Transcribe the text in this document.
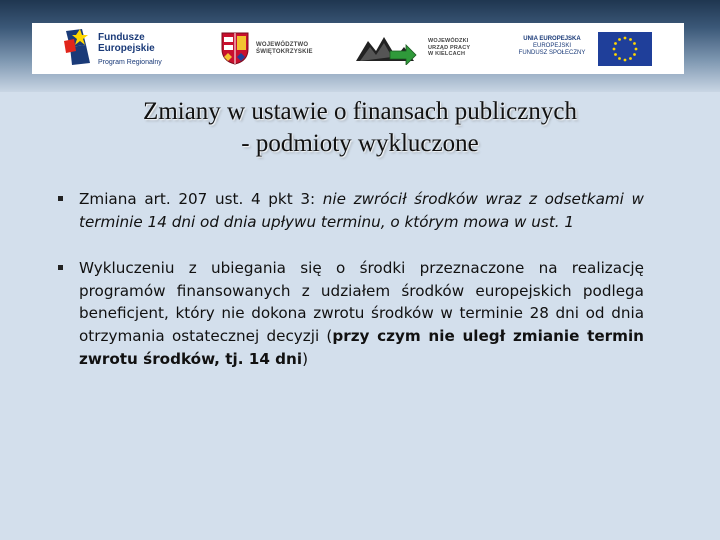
Fundusze
Europejskie
Program Regionalny
WOJEWÓDZTWO
ŚWIĘTOKRZYSKIE
WOJEWÓDZKI
URZĄD PRACY
W KIELCACH
UNIA EUROPEJSKA
EUROPEJSKI
FUNDUSZ SPOŁECZNY
Zmiany w ustawie o finansach publicznych
- podmioty wykluczone
Zmiana art. 207 ust. 4 pkt 3: nie zwrócił środków wraz z odsetkami w terminie 14 dni od dnia upływu terminu, o którym mowa w ust. 1
Wykluczeniu z ubiegania się o środki przeznaczone na realizację programów finansowanych z udziałem środków europejskich podlega beneficjent, który nie dokona zwrotu środków w terminie 28 dni od dnia otrzymania ostatecznej decyzji (przy czym nie uległ zmianie termin zwrotu środków, tj. 14 dni)
